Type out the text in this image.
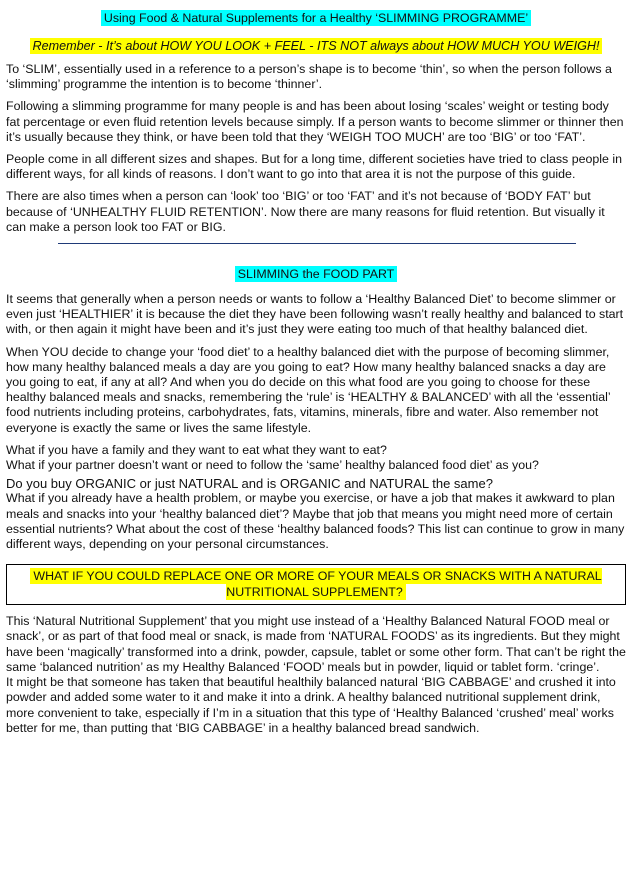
Using Food & Natural Supplements for a Healthy ‘SLIMMING PROGRAMME’
Remember - It’s about HOW YOU LOOK + FEEL - ITS NOT always about HOW MUCH YOU WEIGH!

To ‘SLIM’, essentially used in a reference to a person’s shape is to become ‘thin’, so when the person follows a ‘slimming’ programme the intention is to become ‘thinner’.

Following a slimming programme for many people is and has been about losing ‘scales’ weight or testing body fat percentage or even fluid retention levels because simply. If a person wants to become slimmer or thinner then it’s usually because they think, or have been told that they ‘WEIGH TOO MUCH’ are too ‘BIG’ or too ‘FAT’.

People come in all different sizes and shapes. But for a long time, different societies have tried to class people in different ways, for all kinds of reasons. I don’t want to go into that area it is not the purpose of this guide.

There are also times when a person can ‘look’ too ‘BIG’ or too ‘FAT’ and it’s not because of ‘BODY FAT’ but because of ‘UNHEALTHY FLUID RETENTION’. Now there are many reasons for fluid retention. But visually it can make a person look too FAT or BIG.

SLIMMING the FOOD PART

It seems that generally when a person needs or wants to follow a ‘Healthy Balanced Diet’ to become slimmer or even just ‘HEALTHIER’ it is because the diet they have been following wasn’t really healthy and balanced to start with, or then again it might have been and it’s just they were eating too much of that healthy balanced diet.

When YOU decide to change your ‘food diet’ to a healthy balanced diet with the purpose of becoming slimmer, how many healthy balanced meals a day are you going to eat? How many healthy balanced snacks a day are you going to eat, if any at all? And when you do decide on this what food are you going to choose for these healthy balanced meals and snacks, remembering the ‘rule’ is ‘HEALTHY & BALANCED’ with all the ‘essential’ food nutrients including proteins, carbohydrates, fats, vitamins, minerals, fibre and water. Also remember not everyone is exactly the same or lives the same lifestyle.

What if you have a family and they want to eat what they want to eat?

What if your partner doesn’t want or need to follow the ‘same’ healthy balanced food diet’ as you?

Do you buy ORGANIC or just NATURAL and is ORGANIC and NATURAL the same?

What if you already have a health problem, or maybe you exercise, or have a job that makes it awkward to plan meals and snacks into your ‘healthy balanced diet’? Maybe that job that means you might need more of certain essential nutrients? What about the cost of these ‘healthy balanced foods? This list can continue to grow in many different ways, depending on your personal circumstances.

WHAT IF YOU COULD REPLACE ONE OR MORE OF YOUR MEALS OR SNACKS WITH A NATURAL NUTRITIONAL SUPPLEMENT?

This ‘Natural Nutritional Supplement’ that you might use instead of a ‘Healthy Balanced Natural FOOD meal or snack’, or as part of that food meal or snack, is made from ‘NATURAL FOODS’ as its ingredients. But they might have been ‘magically’ transformed into a drink, powder, capsule, tablet or some other form. That can’t be right the same ‘balanced nutrition’ as my Healthy Balanced ‘FOOD’ meals but in powder, liquid or tablet form. ‘cringe’.

It might be that someone has taken that beautiful healthily balanced natural ‘BIG CABBAGE’ and crushed it into powder and added some water to it and make it into a drink. A healthy balanced nutritional supplement drink, more convenient to take, especially if I’m in a situation that this type of ‘Healthy Balanced ‘crushed’ meal’ works better for me, than putting that ‘BIG CABBAGE’ in a healthy balanced bread sandwich.
